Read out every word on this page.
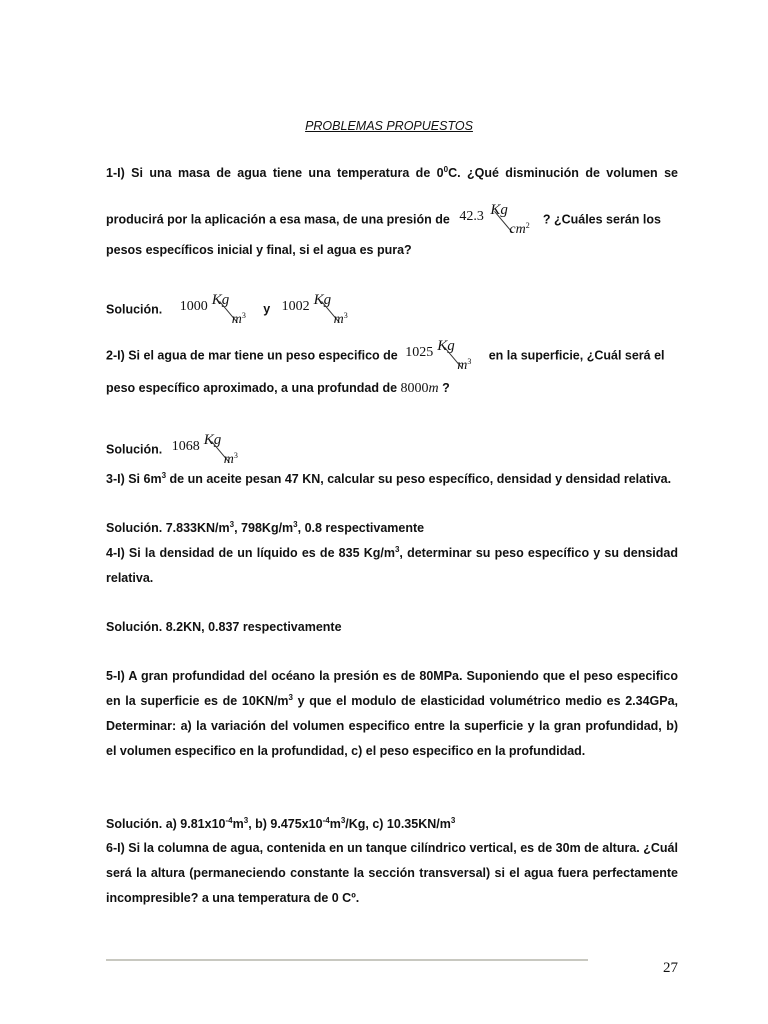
PROBLEMAS PROPUESTOS
1-I) Si una masa de agua tiene una temperatura de $0^0C$. ¿Qué disminución de volumen se
producirá por la aplicación a esa masa, de una presión de 42.3 Kg
$cm^2$ ? ¿Cuáles serán los
pesos específicos inicial y final, si el agua es pura?
Solución. 1000 Kg
$m^3$ y 1002 Kg
$m^3$
2-I) Si el agua de mar tiene un peso especifico de 1025 Kg
$m^3$ en la superficie, ¿Cuál será el
peso específico aproximado, a una profundad de 8000m ?
Solución. 1068 Kg
$m^3$
3-I) Si $6m^3$ de un aceite pesan 47 KN, calcular su peso específico, densidad y densidad relativa.
Solución. $7.833KN/m^3$, $798Kg/m^3$, 0.8 respectivamente
4-I) Si la densidad de un líquido es de 835 $Kg/m^3$, determinar su peso específico y su densidad relativa.
Solución. 8.2KN, 0.837 respectivamente
5-I) A gran profundidad del océano la presión es de 80MPa. Suponiendo que el peso especifico en la superficie es de $10KN/m^3$ y que el modulo de elasticidad volumétrico medio es 2.34GPa, Determinar: a) la variación del volumen especifico entre la superficie y la gran profundidad, b) el volumen especifico en la profundidad, c) el peso especifico en la profundidad.
Solución. a) $9.81x10^{-4}m^3$, b) $9.475x10^{-4}m^3/Kg$, c) $10.35KN/m^3$
6-I) Si la columna de agua, contenida en un tanque cilíndrico vertical, es de 30m de altura. ¿Cuál será la altura (permaneciendo constante la sección transversal) si el agua fuera perfectamente incompresible? a una temperatura de 0 Cº.
27
